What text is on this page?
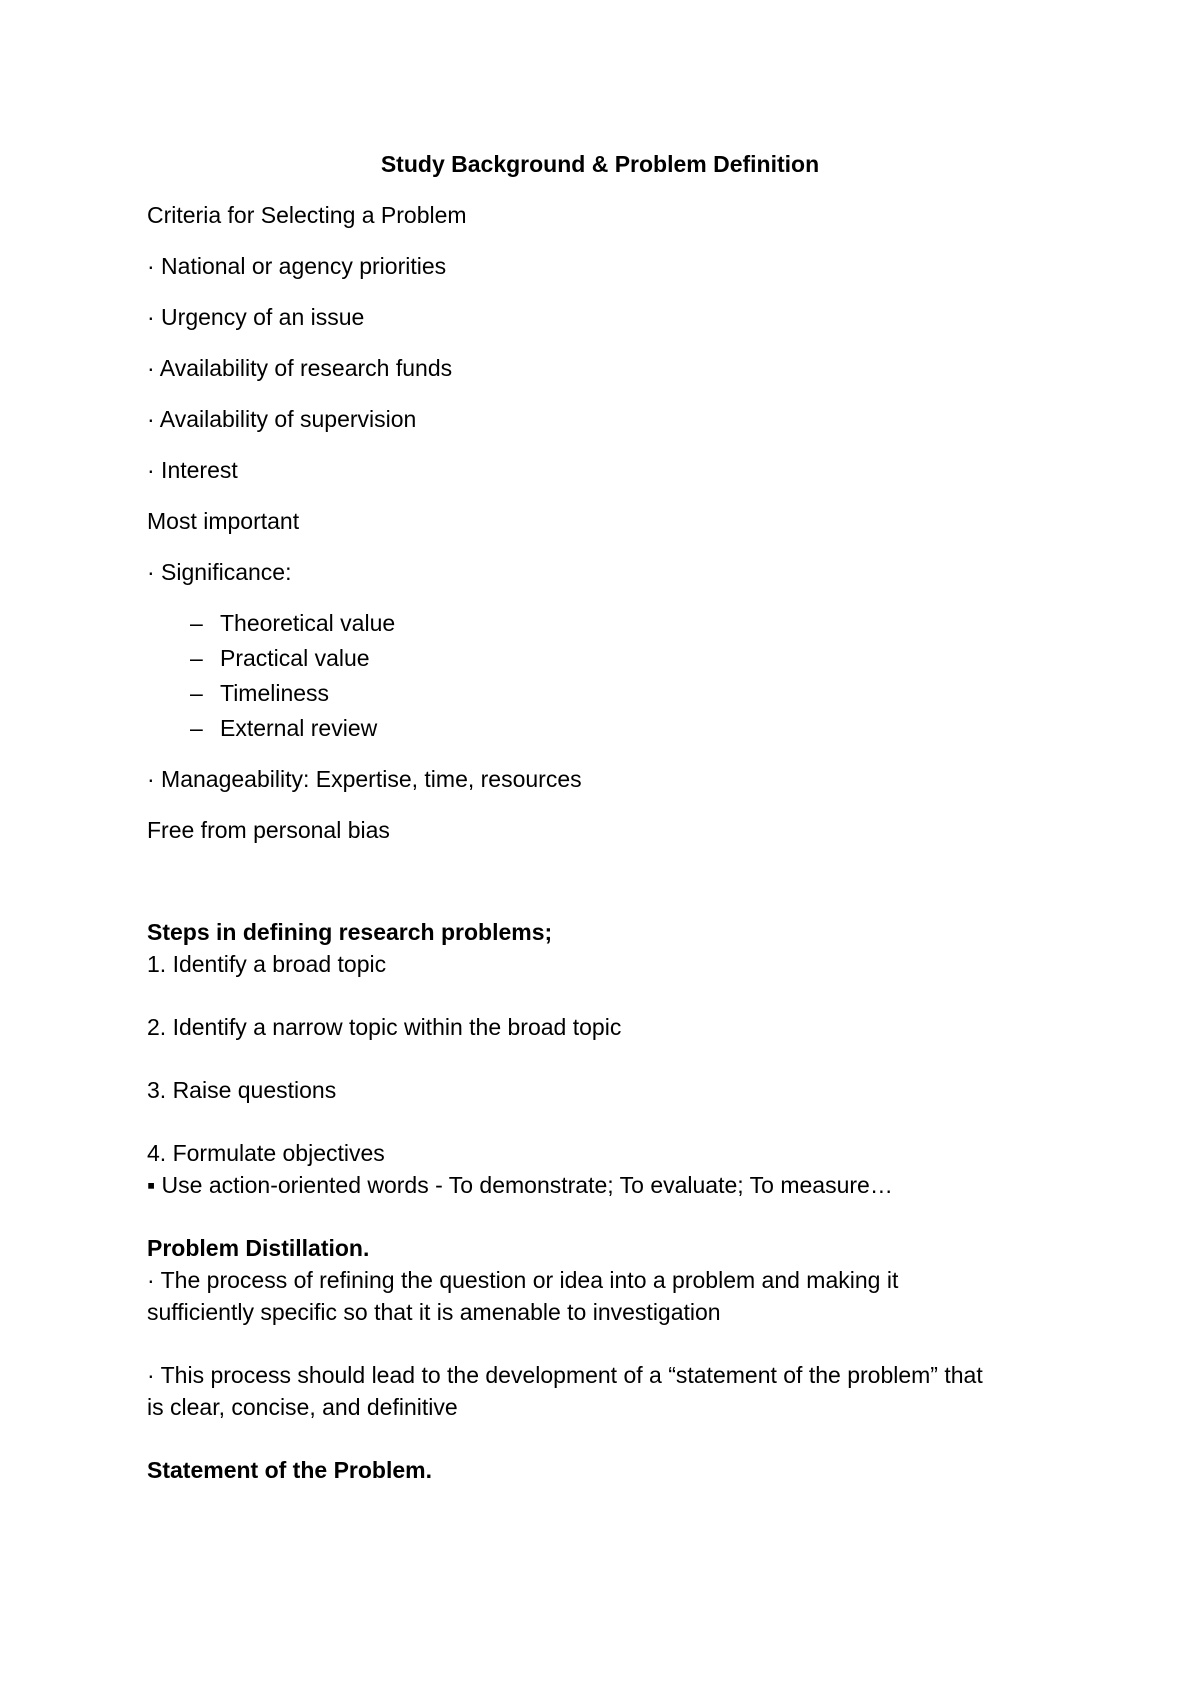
Study Background & Problem Definition
Criteria for Selecting a Problem
· National or agency priorities
· Urgency of an issue
· Availability of research funds
· Availability of supervision
· Interest
Most important
· Significance:
– Theoretical value
– Practical value
– Timeliness
– External review
· Manageability: Expertise, time, resources
Free from personal bias
Steps in defining research problems;
1. Identify a broad topic
2. Identify a narrow topic within the broad topic
3. Raise questions
4. Formulate objectives
▪ Use action-oriented words - To demonstrate; To evaluate; To measure…
Problem Distillation.
· The process of refining the question or idea into a problem and making it
sufficiently specific so that it is amenable to investigation
· This process should lead to the development of a “statement of the problem” that
is clear, concise, and definitive
Statement of the Problem.
